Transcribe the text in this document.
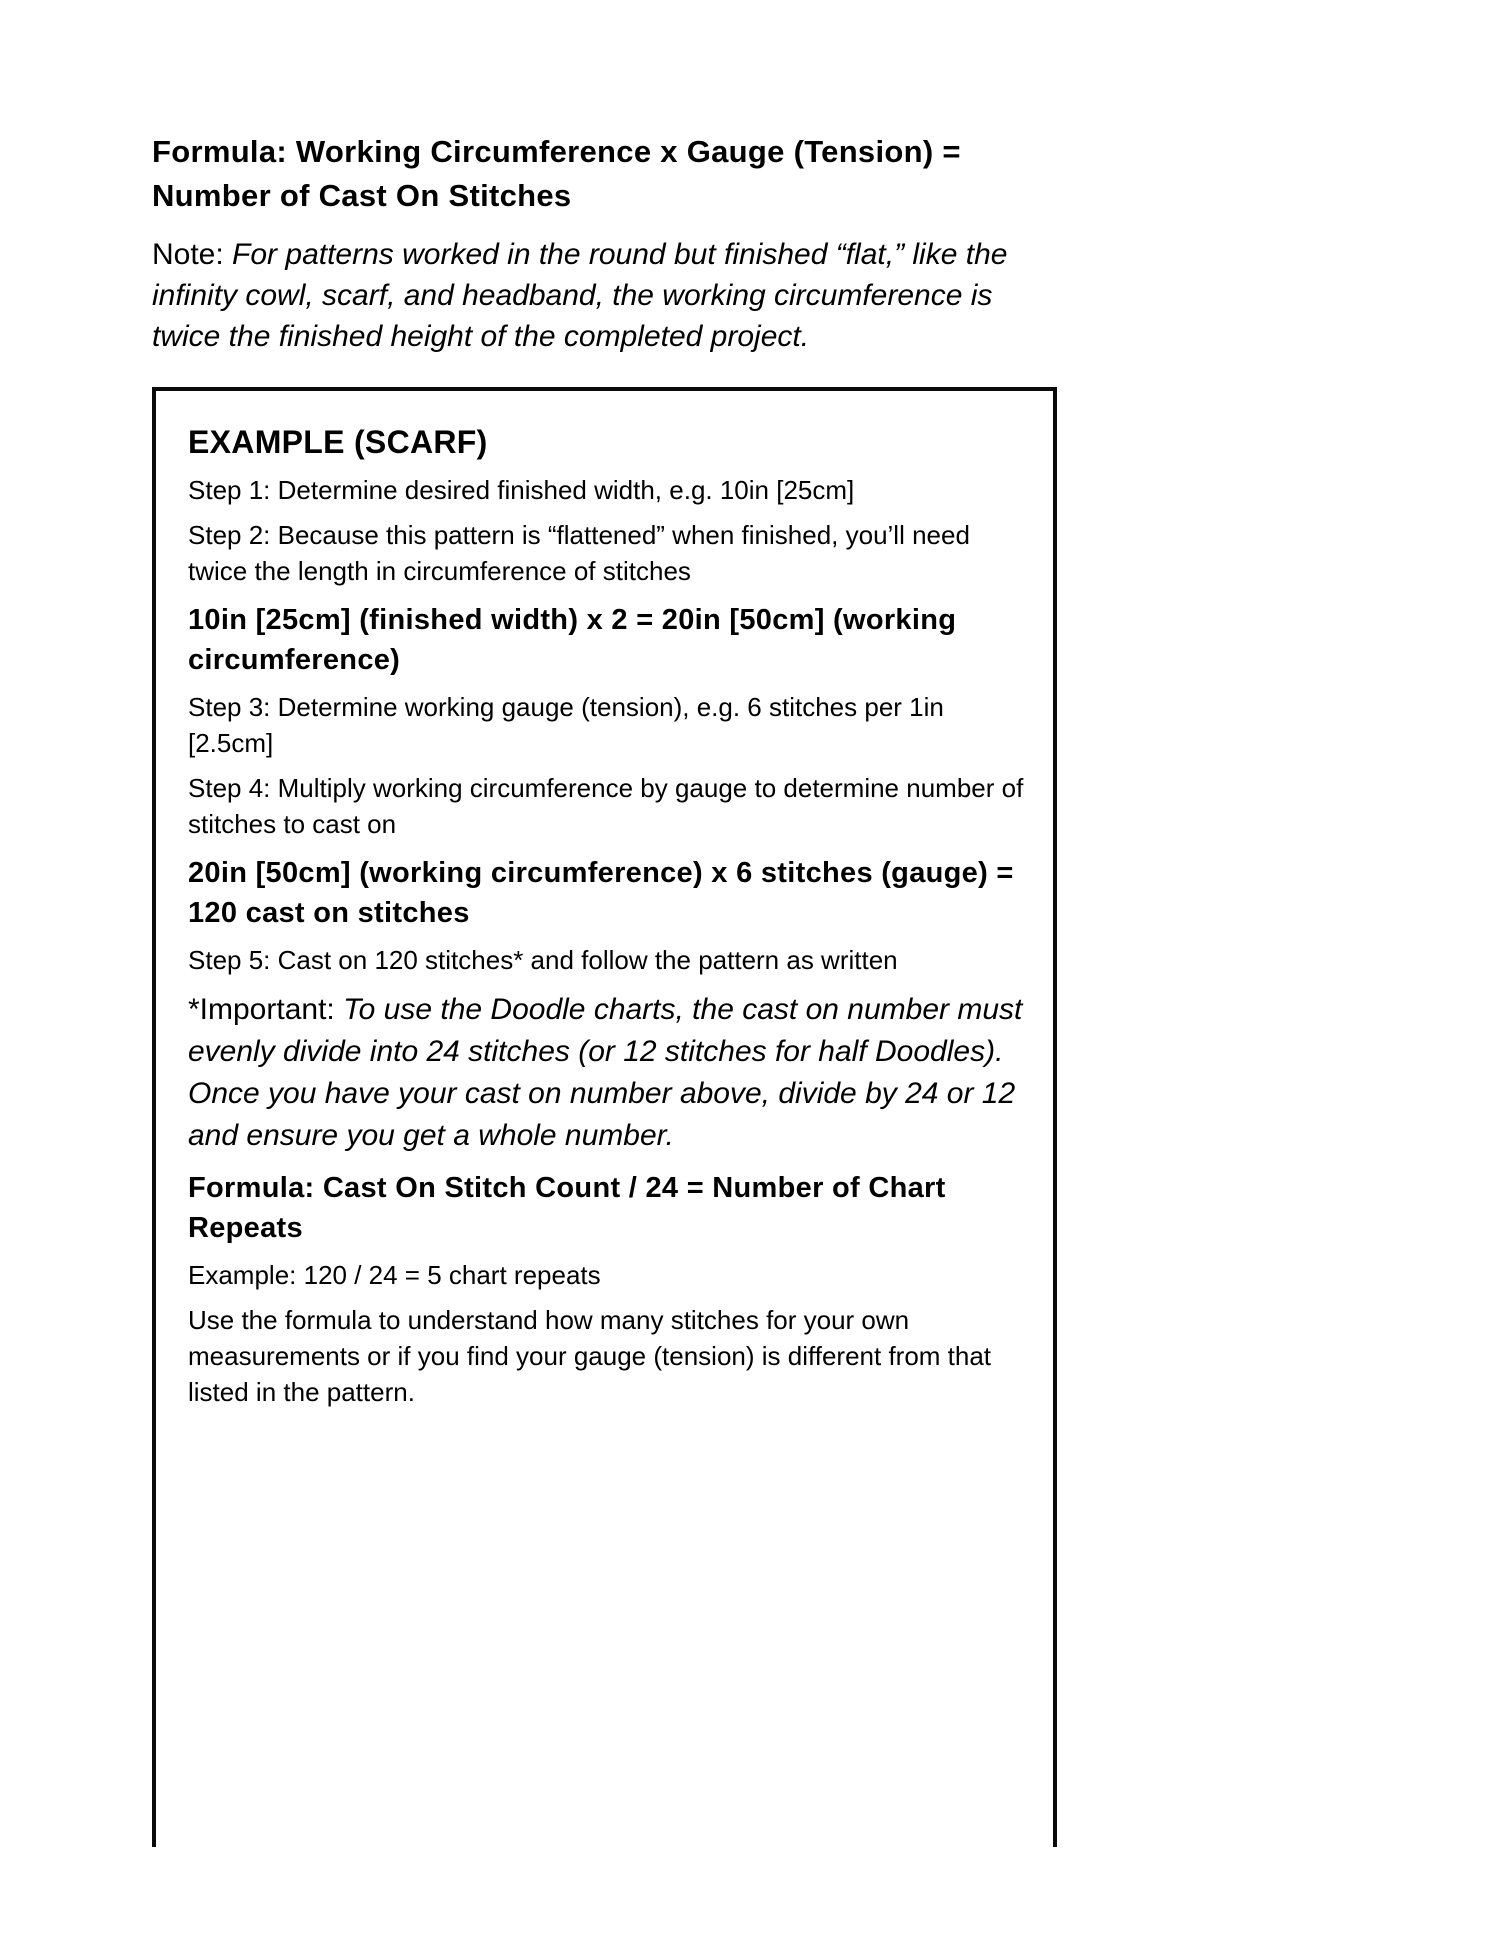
Formula: Working Circumference x Gauge (Tension) = Number of Cast On Stitches

Note: For patterns worked in the round but finished “flat,” like the infinity cowl, scarf, and headband, the working circumference is twice the finished height of the completed project.

EXAMPLE (SCARF)

Step 1: Determine desired finished width, e.g. 10in [25cm]

Step 2: Because this pattern is “flattened” when finished, you’ll need twice the length in circumference of stitches

10in [25cm] (finished width) x 2 = 20in [50cm] (working circumference)

Step 3: Determine working gauge (tension), e.g. 6 stitches per 1in [2.5cm]

Step 4: Multiply working circumference by gauge to determine number of stitches to cast on

20in [50cm] (working circumference) x 6 stitches (gauge) = 120 cast on stitches

Step 5: Cast on 120 stitches* and follow the pattern as written

*Important: To use the Doodle charts, the cast on number must evenly divide into 24 stitches (or 12 stitches for half Doodles). Once you have your cast on number above, divide by 24 or 12 and ensure you get a whole number.

Formula: Cast On Stitch Count / 24 = Number of Chart Repeats

Example: 120 / 24 = 5 chart repeats

Use the formula to understand how many stitches for your own measurements or if you find your gauge (tension) is different from that listed in the pattern.
